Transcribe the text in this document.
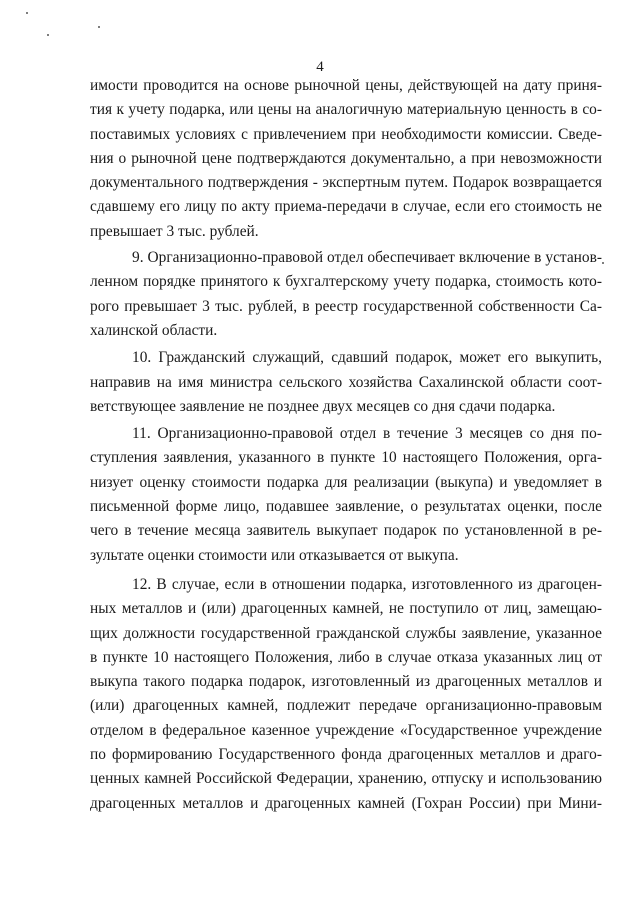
4
имости проводится на основе рыночной цены, действующей на дату приня-
тия к учету подарка, или цены на аналогичную материальную ценность в со-
поставимых условиях с привлечением при необходимости комиссии. Сведе-
ния о рыночной цене подтверждаются документально, а при невозможности
документального подтверждения - экспертным путем. Подарок возвращается
сдавшему его лицу по акту приема-передачи в случае, если его стоимость не
превышает 3 тыс. рублей.
9. Организационно-правовой отдел обеспечивает включение в установ-
ленном порядке принятого к бухгалтерскому учету подарка, стоимость кото-
рого превышает 3 тыс. рублей, в реестр государственной собственности Са-
халинской области.
10. Гражданский служащий, сдавший подарок, может его выкупить,
направив на имя министра сельского хозяйства Сахалинской области соот-
ветствующее заявление не позднее двух месяцев со дня сдачи подарка.
11. Организационно-правовой отдел в течение 3 месяцев со дня по-
ступления заявления, указанного в пункте 10 настоящего Положения, орга-
низует оценку стоимости подарка для реализации (выкупа) и уведомляет в
письменной форме лицо, подавшее заявление, о результатах оценки, после
чего в течение месяца заявитель выкупает подарок по установленной в ре-
зультате оценки стоимости или отказывается от выкупа.
12. В случае, если в отношении подарка, изготовленного из драгоцен-
ных металлов и (или) драгоценных камней, не поступило от лиц, замещаю-
щих должности государственной гражданской службы заявление, указанное
в пункте 10 настоящего Положения, либо в случае отказа указанных лиц от
выкупа такого подарка подарок, изготовленный из драгоценных металлов и
(или) драгоценных камней, подлежит передаче организационно-правовым
отделом в федеральное казенное учреждение «Государственное учреждение
по формированию Государственного фонда драгоценных металлов и драго-
ценных камней Российской Федерации, хранению, отпуску и использованию
драгоценных металлов и драгоценных камней (Гохран России) при Мини-
